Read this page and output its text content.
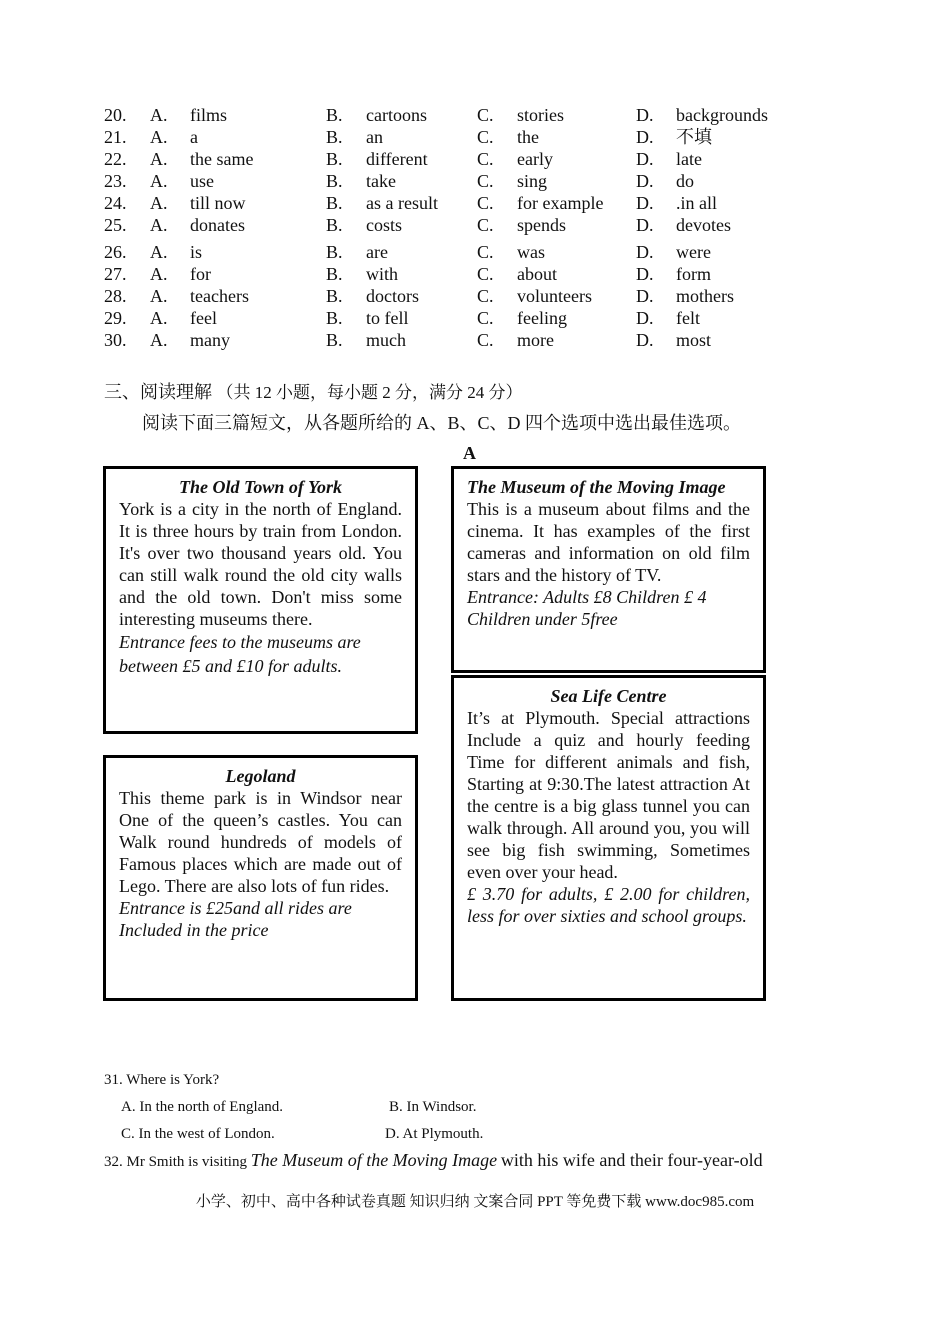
20.	A.	films	B.	cartoons	C.	stories	D.	backgrounds
21.	A.	a	B.	an	C.	the	D.	不填
22.	A.	the same	B.	different	C.	early	D.	late
23.	A.	use	B.	take	C.	sing	D.	do
24.	A.	till now	B.	as a result	C.	for example	D.	.in all
25.	A.	donates	B.	costs	C.	spends	D.	devotes
26.	A.	is	B.	are	C.	was	D.	were
27.	A.	for	B.	with	C.	about	D.	form
28.	A.	teachers	B.	doctors	C.	volunteers	D.	mothers
29.	A.	feel	B.	to fell	C.	feeling	D.	felt
30.	A.	many	B.	much	C.	more	D.	most
三、阅读理解 （共 12 小题，每小题 2 分，满分 24 分）
阅读下面三篇短文，从各题所给的 A、B、C、D 四个选项中选出最佳选项。
A
The Old Town of York
York is a city in the north of England. It is three hours by train from London. It's over two thousand years old. You can still walk round the old city walls and the old town. Don't miss some interesting museums there.
Entrance fees to the museums are between £5 and £10 for adults.
The Museum of the Moving Image
This is a museum about films and the cinema. It has examples of the first cameras and information on old film stars and the history of TV.
Entrance: Adults £8 Children £ 4 Children under 5free
Legoland
This theme park is in Windsor near One of the queen’s castles. You can Walk round hundreds of models of Famous places which are made out of Lego. There are also lots of fun rides.
Entrance is £25and all rides are Included in the price
Sea Life Centre
It’s at Plymouth. Special attractions Include a quiz and hourly feeding Time for different animals and fish, Starting at 9:30.The latest attraction At the centre is a big glass tunnel you can walk through. All around you, you will see big fish swimming, Sometimes even over your head.
£ 3.70 for adults, £ 2.00 for children, less for over sixties and school groups.
31. Where is York?
A. In the north of England.	B. In Windsor.
C. In the west of London.	D. At Plymouth.
32. Mr Smith is visiting The Museum of the Moving Image with his wife and their four-year-old
小学、初中、高中各种试卷真题 知识归纳 文案合同 PPT 等免费下载 www.doc985.com
